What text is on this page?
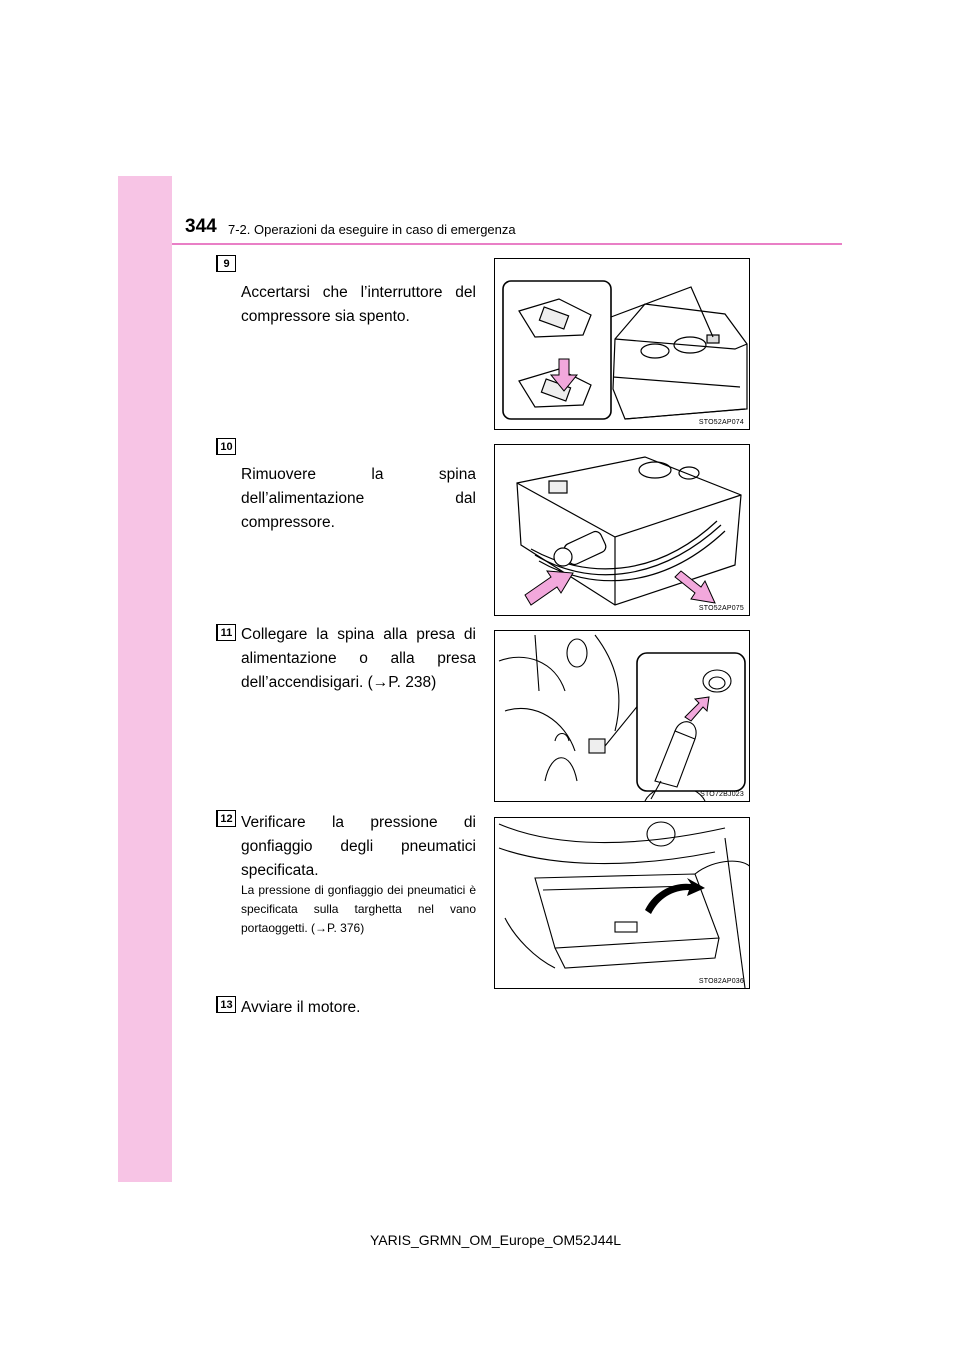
344 7-2. Operazioni da eseguire in caso di emergenza
9
Accertarsi che l’interruttore del compressore sia spento.
STO52AP074
10
Rimuovere la spina dell’alimentazione dal compressore.
STO52AP075
11 Collegare la spina alla presa di alimentazione o alla presa dell’accendisigari. (→P. 238)
STO72BJ023
12 Verificare la pressione di gonfiaggio degli pneumatici specificata.
La pressione di gonfiaggio dei pneumatici è specificata sulla targhetta nel vano portaoggetti. (→P. 376)
STO82AP036
13 Avviare il motore.
YARIS_GRMN_OM_Europe_OM52J44L
